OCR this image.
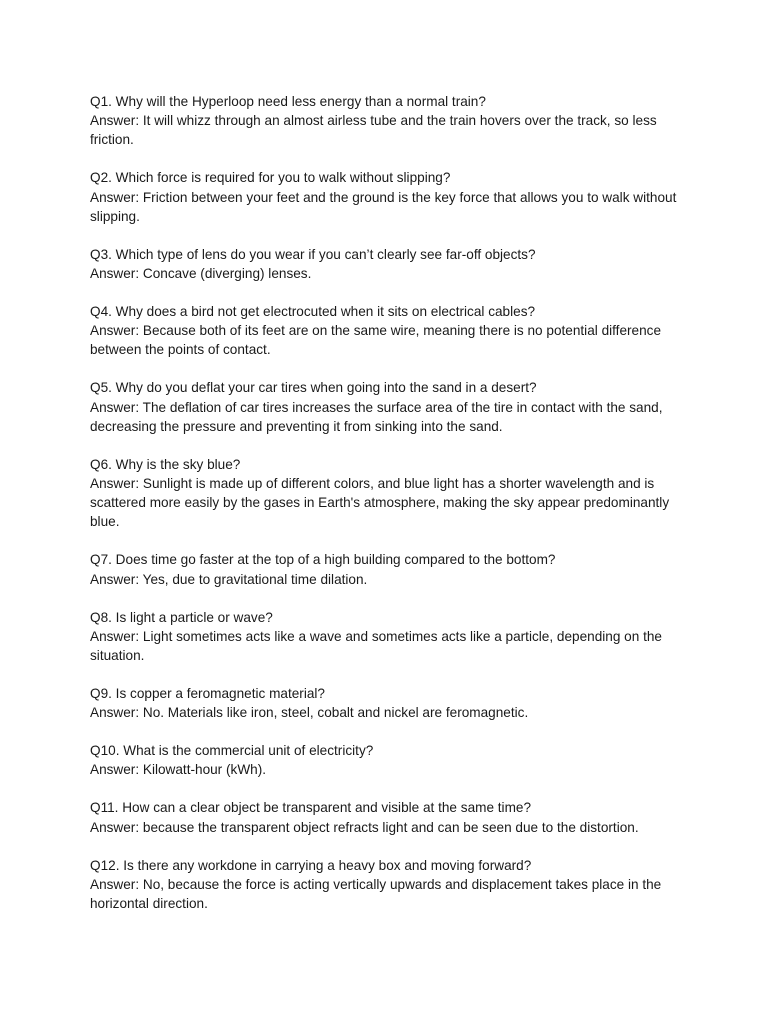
Q1. Why will the Hyperloop need less energy than a normal train?

Answer: It will whizz through an almost airless tube and the train hovers over the track, so less friction.

Q2. Which force is required for you to walk without slipping?

Answer: Friction between your feet and the ground is the key force that allows you to walk without slipping.

Q3. Which type of lens do you wear if you can’t clearly see far-off objects?

Answer: Concave (diverging) lenses.

Q4. Why does a bird not get electrocuted when it sits on electrical cables?

Answer: Because both of its feet are on the same wire, meaning there is no potential difference between the points of contact.

Q5. Why do you deflat your car tires when going into the sand in a desert?

Answer: The deflation of car tires increases the surface area of the tire in contact with the sand, decreasing the pressure and preventing it from sinking into the sand.

Q6. Why is the sky blue?

Answer: Sunlight is made up of different colors, and blue light has a shorter wavelength and is scattered more easily by the gases in Earth's atmosphere, making the sky appear predominantly blue.

Q7. Does time go faster at the top of a high building compared to the bottom?

Answer: Yes, due to gravitational time dilation.

Q8. Is light a particle or wave?

Answer: Light sometimes acts like a wave and sometimes acts like a particle, depending on the situation.

Q9. Is copper a feromagnetic material?

Answer: No. Materials like iron, steel, cobalt and nickel are feromagnetic.

Q10. What is the commercial unit of electricity?

Answer: Kilowatt-hour (kWh).

Q11. How can a clear object be transparent and visible at the same time?

Answer: because the transparent object refracts light and can be seen due to the distortion.

Q12. Is there any workdone in carrying a heavy box and moving forward?

Answer: No, because the force is acting vertically upwards and displacement takes place in the horizontal direction.
